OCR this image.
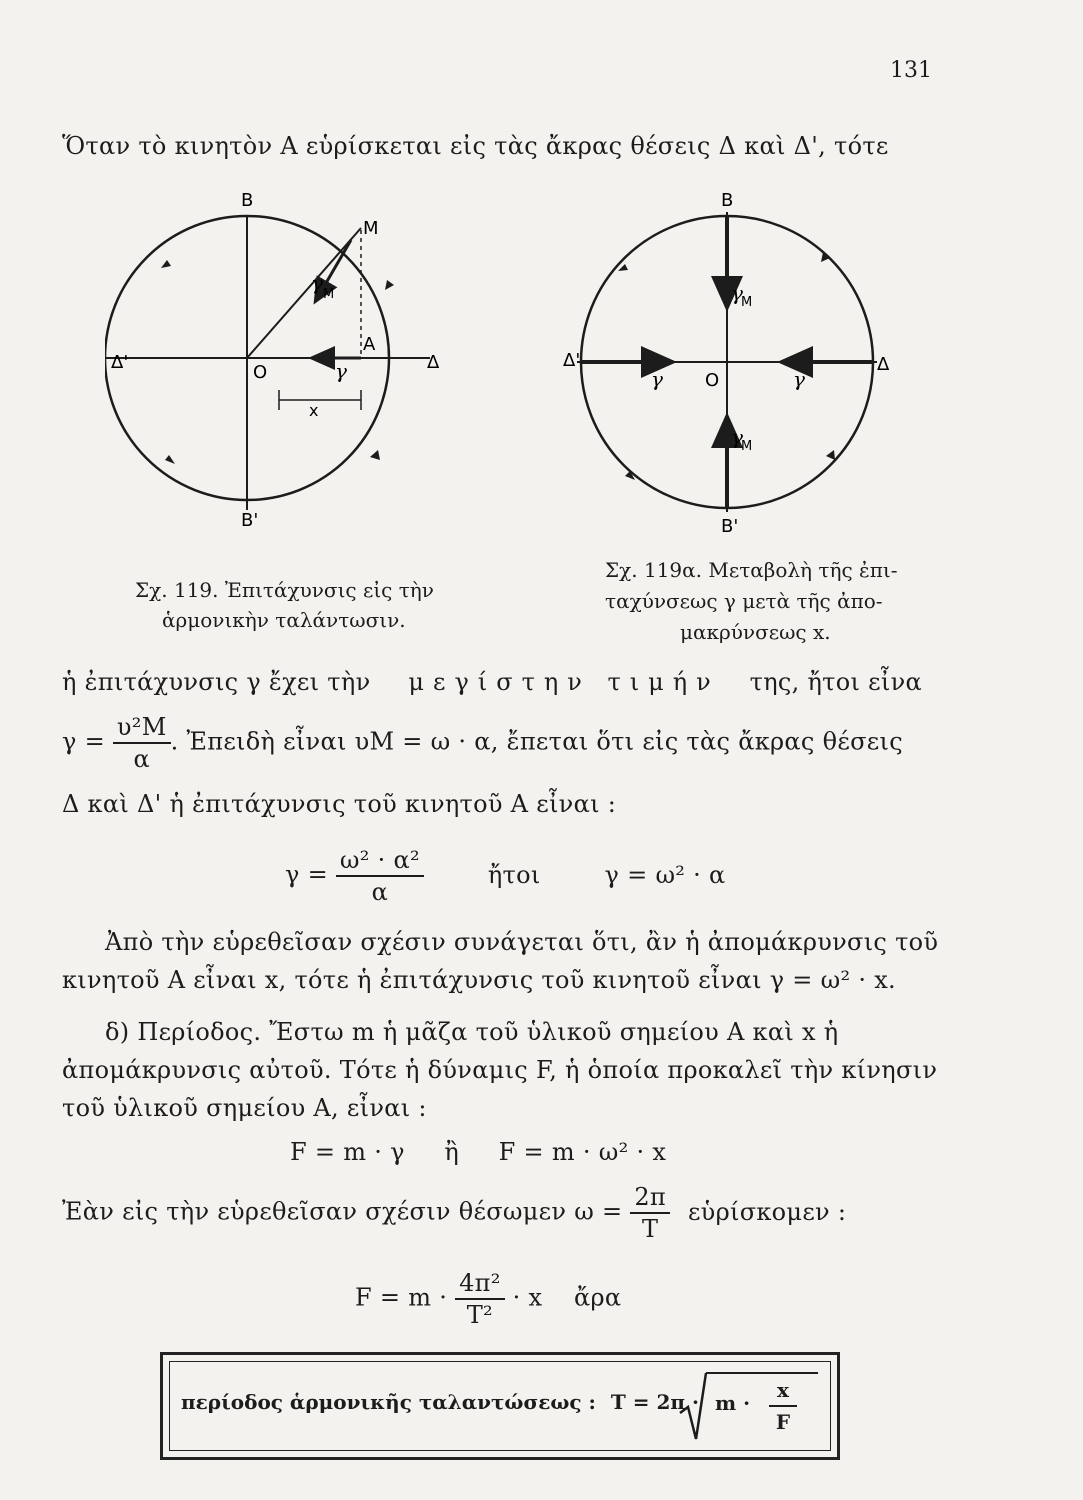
131
Ὅταν τὸ κινητὸν Α εὑρίσκεται εἰς τὰς ἄκρας θέσεις Δ καὶ Δ', τότε
B
M
γ M
Δ'	O
A
γ	Δ
x
B'
Σχ. 119. Ἐπιτάχυνσις εἰς τὴν
ἁρμονικὴν ταλάντωσιν.
B
γ
M
Δ'
γ O	γ
Δ
γ
M
B'
Σχ. 119α. Μεταβολὴ τῆς ἐπι-
ταχύνσεως γ μετὰ τῆς ἀπο-
μακρύνσεως x.
ἡ ἐπιτάχυνσις γ ἔχει τὴν μεγίστην τιμήν της, ἤτοι εἶνα
$\gamma = \frac{\text{υ²M}}{\alpha}$ . Ἐπειδὴ εἶναι υM = ω · α, ἔπεται ὅτι εἰς τὰς ἄκρας θέσεις
Δ καὶ Δ' ἡ ἐπιτάχυνσις τοῦ κινητοῦ Α εἶναι :
$\gamma = \frac{\text{ω² · α²}}{\alpha}$	ἤτοι	γ = ω² · α
Ἀπὸ τὴν εὑρεθεῖσαν σχέσιν συνάγεται ὅτι, ἂν ἡ ἀπομάκρυνσις τοῦ
κινητοῦ Α εἶναι x, τότε ἡ ἐπιτάχυνσις τοῦ κινητοῦ εἶναι γ = ω² · x.
δ) Περίοδος. Ἔστω m ἡ μᾶζα τοῦ ὑλικοῦ σημείου Α καὶ x ἡ
ἀπομάκρυνσις αὐτοῦ. Τότε ἡ δύναμις F, ἡ ὁποία προκαλεῖ τὴν κίνησιν
τοῦ ὑλικοῦ σημείου Α, εἶναι :
F = m · γ     ἢ     F = m · ω² · x
Ἐὰν εἰς τὴν εὑρεθεῖσαν σχέσιν θέσωμεν $\omega = \frac{2\pi}{T}$ εὑρίσκομεν :
$F = m \cdot \frac{\text{4π²}}{\text{T²}} \cdot x$    ἄρα
περίοδος ἁρμονικῆς ταλαντώσεως : $T = 2\pi \cdot m \cdot \frac{x}{F}$
